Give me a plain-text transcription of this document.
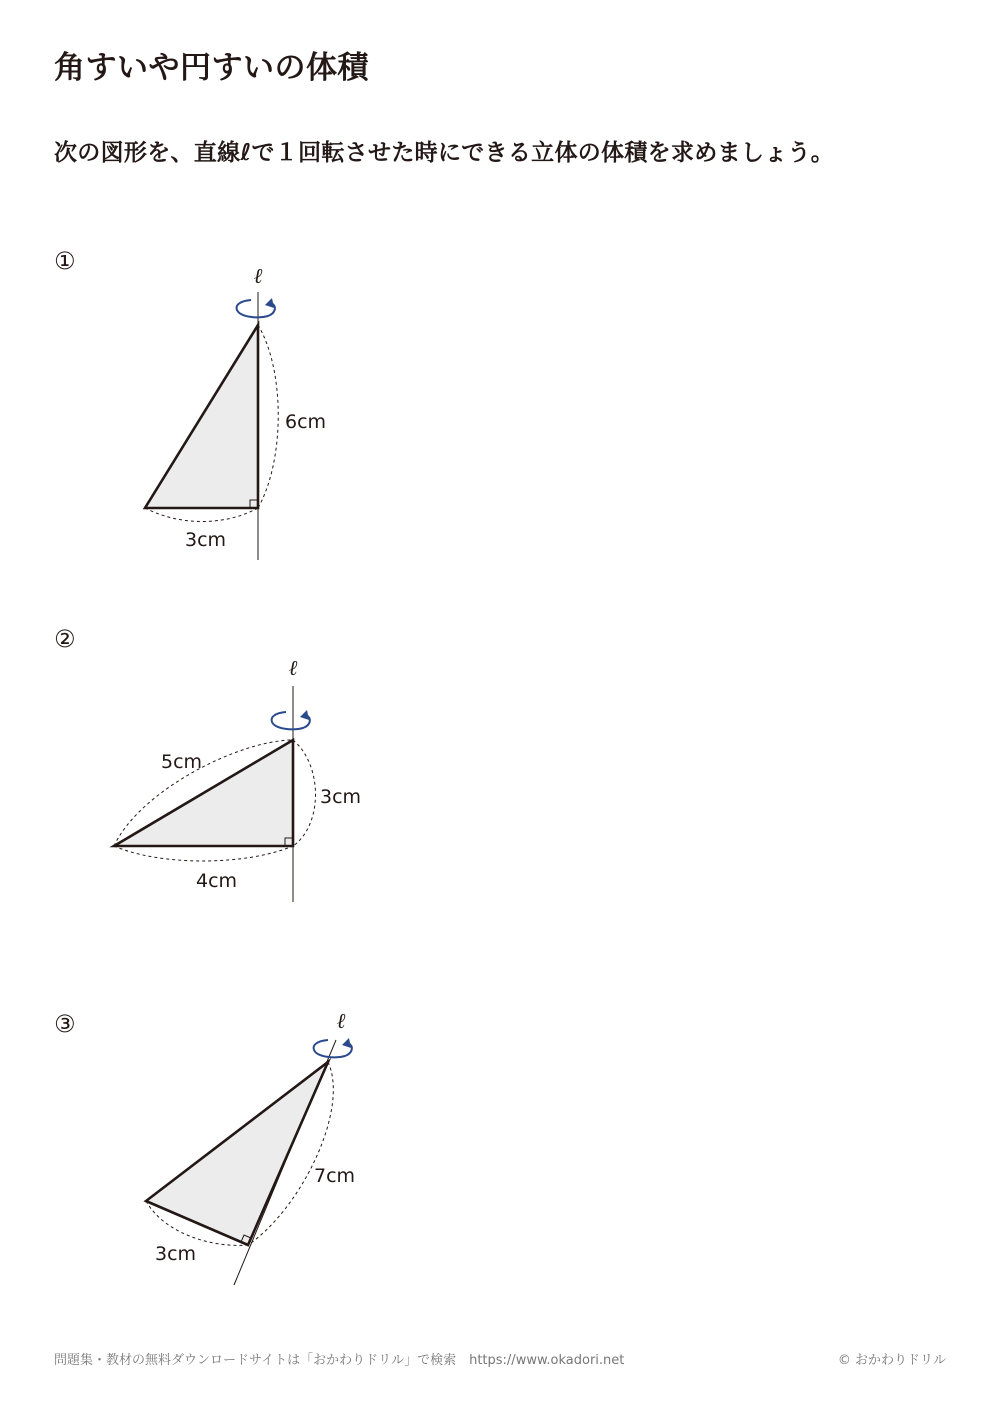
角すいや円すいの体積

次の図形を、直線ℓで１回転させた時にできる立体の体積を求めましょう。

①
ℓ
6cm
3cm
②
ℓ
5cm
3cm
4cm
③	ℓ
7cm
3cm
問題集・教材の無料ダウンロードサイトは「おかわりドリル」で検索　https://www.okadori.net	© おかわりドリル
